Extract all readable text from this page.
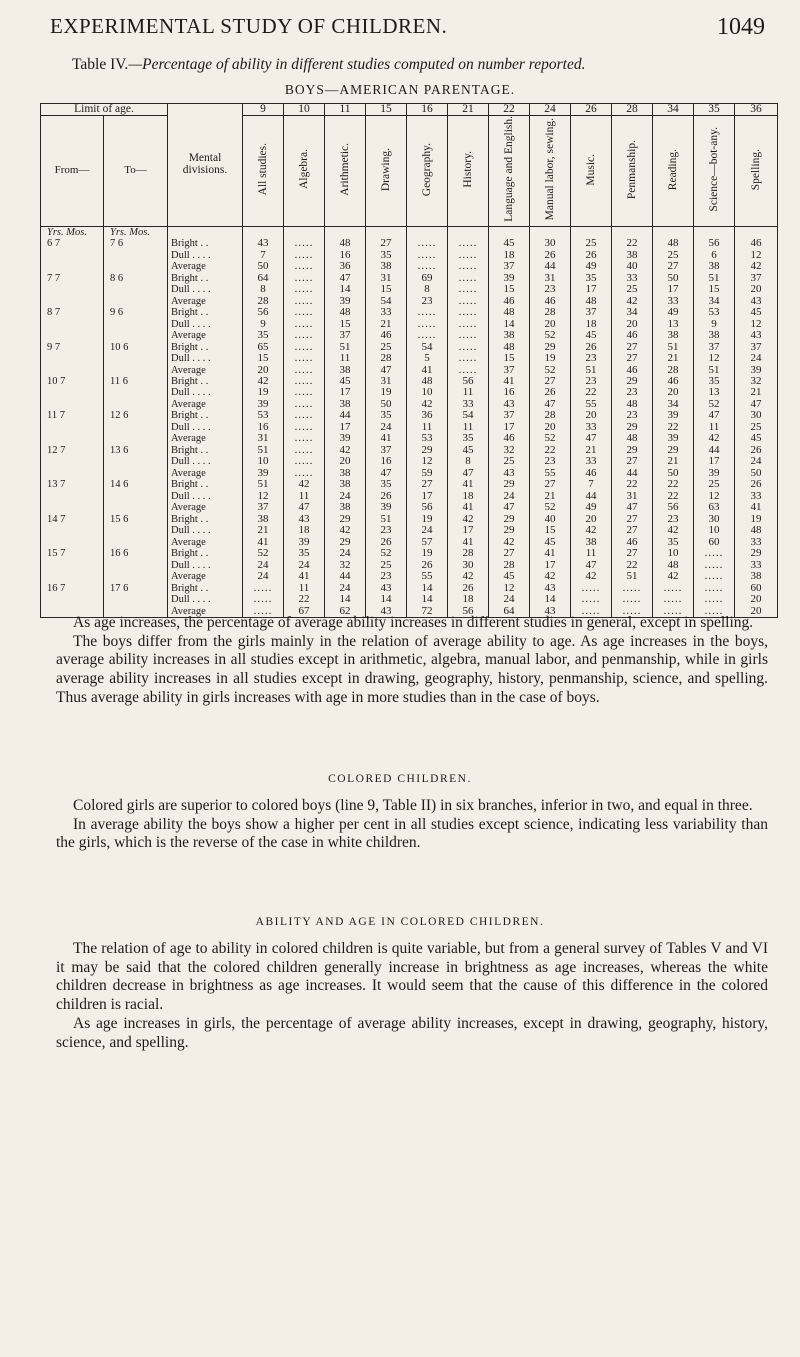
EXPERIMENTAL STUDY OF CHILDREN.	1049
Table IV.—Percentage of ability in different studies computed on number reported.
BOYS—AMERICAN PARENTAGE.
Limit of age.		Mental divisions.	9	10	11	15	16	21	22	24	26	28	34	35	36
From—	To—		All studies.	Algebra.	Arithmetic.	Drawing.	Geography.	History.	Language and English.	Manual labor, sewing.	Music.	Penmanship.	Reading.	Science—bot-any.	Spelling.
Yrs. Mos.	Yrs. Mos.														
6 7	7 6	Bright . .	43	.....	48	27	.....	.....	45	30	25	22	48	56	46
		Dull . . . .	7	.....	16	35	.....	.....	18	26	26	38	25	6	12
		Average	50	.....	36	38	.....	.....	37	44	49	40	27	38	42
7 7	8 6	Bright . .	64	.....	47	31	69	.....	39	31	35	33	50	51	37
		Dull . . . .	8	.....	14	15	8	.....	15	23	17	25	17	15	20
		Average	28	.....	39	54	23	.....	46	46	48	42	33	34	43
8 7	9 6	Bright . .	56	.....	48	33	.....	.....	48	28	37	34	49	53	45
		Dull . . . .	9	.....	15	21	.....	.....	14	20	18	20	13	9	12
		Average	35	.....	37	46	.....	.....	38	52	45	46	38	38	43
9 7	10 6	Bright . .	65	.....	51	25	54	.....	48	29	26	27	51	37	37
		Dull . . . .	15	.....	11	28	5	.....	15	19	23	27	21	12	24
		Average	20	.....	38	47	41	.....	37	52	51	46	28	51	39
10 7	11 6	Bright . .	42	.....	45	31	48	56	41	27	23	29	46	35	32
		Dull . . . .	19	.....	17	19	10	11	16	26	22	23	20	13	21
		Average	39	.....	38	50	42	33	43	47	55	48	34	52	47
11 7	12 6	Bright . .	53	.....	44	35	36	54	37	28	20	23	39	47	30
		Dull . . . .	16	.....	17	24	11	11	17	20	33	29	22	11	25
		Average	31	.....	39	41	53	35	46	52	47	48	39	42	45
12 7	13 6	Bright . .	51	.....	42	37	29	45	32	22	21	29	29	44	26
		Dull . . . .	10	.....	20	16	12	8	25	23	33	27	21	17	24
		Average	39	.....	38	47	59	47	43	55	46	44	50	39	50
13 7	14 6	Bright . .	51	42	38	35	27	41	29	27	7	22	22	25	26
		Dull . . . .	12	11	24	26	17	18	24	21	44	31	22	12	33
		Average	37	47	38	39	56	41	47	52	49	47	56	63	41
14 7	15 6	Bright . .	38	43	29	51	19	42	29	40	20	27	23	30	19
		Dull . . . .	21	18	42	23	24	17	29	15	42	27	42	10	48
		Average	41	39	29	26	57	41	42	45	38	46	35	60	33
15 7	16 6	Bright . .	52	35	24	52	19	28	27	41	11	27	10	.....	29
		Dull . . . .	24	24	32	25	26	30	28	17	47	22	48	.....	33
		Average	24	41	44	23	55	42	45	42	42	51	42	.....	38
16 7	17 6	Bright . .	.....	11	24	43	14	26	12	43	.....	.....	.....	.....	60
		Dull . . . .	.....	22	14	14	14	18	24	14	.....	.....	.....	.....	20
		Average	.....	67	62	43	72	56	64	43	.....	.....	.....	.....	20

As age increases, the percentage of average ability increases in different studies in general, except in spelling.

The boys differ from the girls mainly in the relation of average ability to age. As age increases in the boys, average ability increases in all studies except in arithmetic, algebra, manual labor, and penmanship, while in girls average ability increases in all studies except in drawing, geography, history, penmanship, science, and spelling. Thus average ability in girls increases with age in more studies than in the case of boys.

COLORED CHILDREN.

Colored girls are superior to colored boys (line 9, Table II) in six branches, inferior in two, and equal in three.

In average ability the boys show a higher per cent in all studies except science, indicating less variability than the girls, which is the reverse of the case in white children.

ABILITY AND AGE IN COLORED CHILDREN.

The relation of age to ability in colored children is quite variable, but from a general survey of Tables V and VI it may be said that the colored children generally increase in brightness as age increases, whereas the white children decrease in brightness as age increases. It would seem that the cause of this difference in the colored children is racial.

As age increases in girls, the percentage of average ability increases, except in drawing, geography, history, science, and spelling.
